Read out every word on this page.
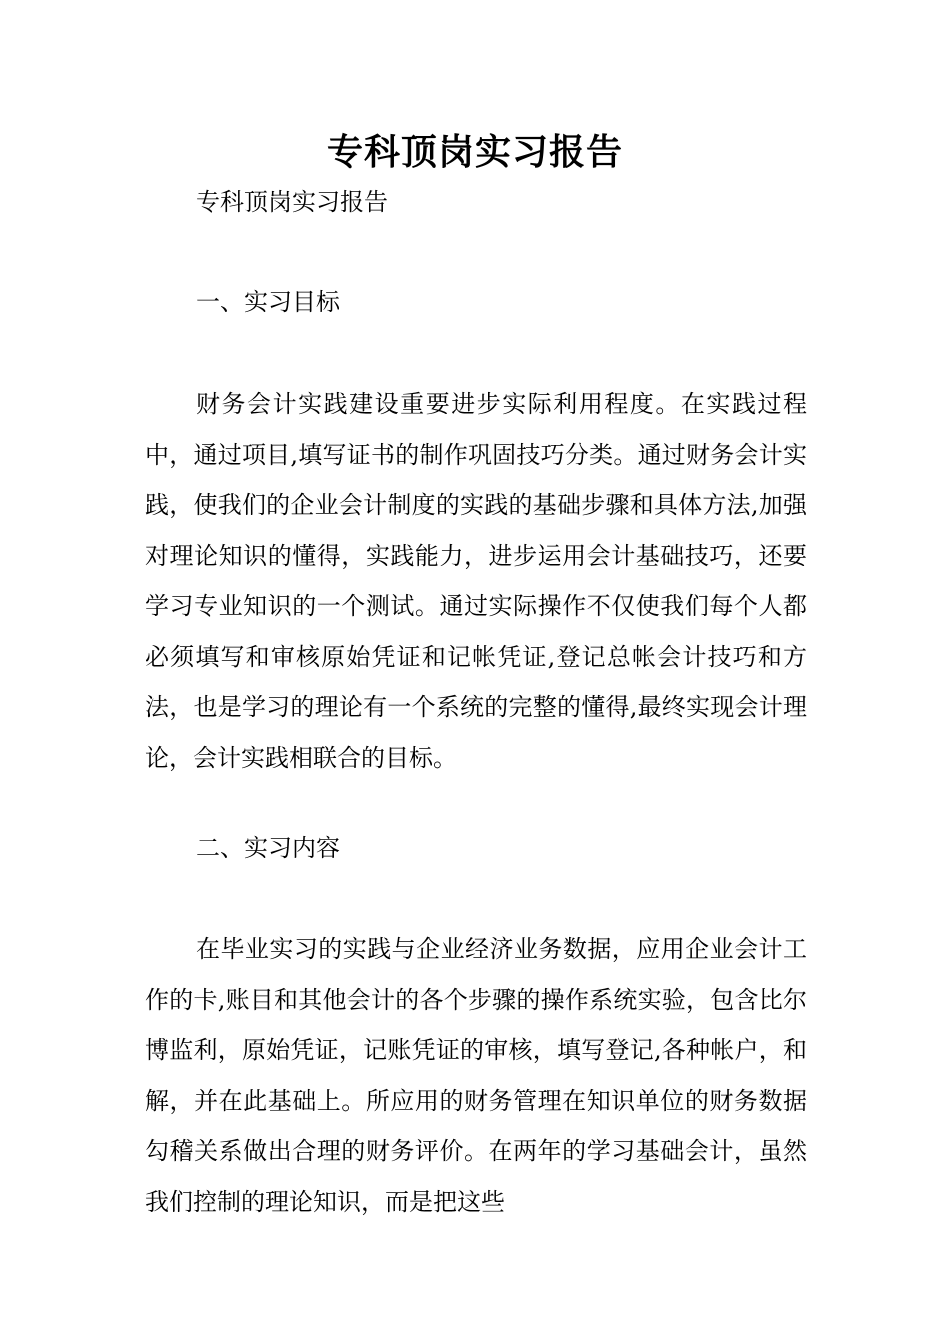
专科顶岗实习报告
专科顶岗实习报告
一、实习目标

财务会计实践建设重要进步实际利用程度。在实践过程中，通过项目,填写证书的制作巩固技巧分类。通过财务会计实践，使我们的企业会计制度的实践的基础步骤和具体方法,加强对理论知识的懂得，实践能力，进步运用会计基础技巧，还要学习专业知识的一个测试。通过实际操作不仅使我们每个人都必须填写和审核原始凭证和记帐凭证,登记总帐会计技巧和方法，也是学习的理论有一个系统的完整的懂得,最终实现会计理论，会计实践相联合的目标。

二、实习内容

在毕业实习的实践与企业经济业务数据，应用企业会计工作的卡,账目和其他会计的各个步骤的操作系统实验，包含比尔博监利，原始凭证，记账凭证的审核，填写登记,各种帐户，和解，并在此基础上。所应用的财务管理在知识单位的财务数据勾稽关系做出合理的财务评价。在两年的学习基础会计，虽然我们控制的理论知识，而是把这些
